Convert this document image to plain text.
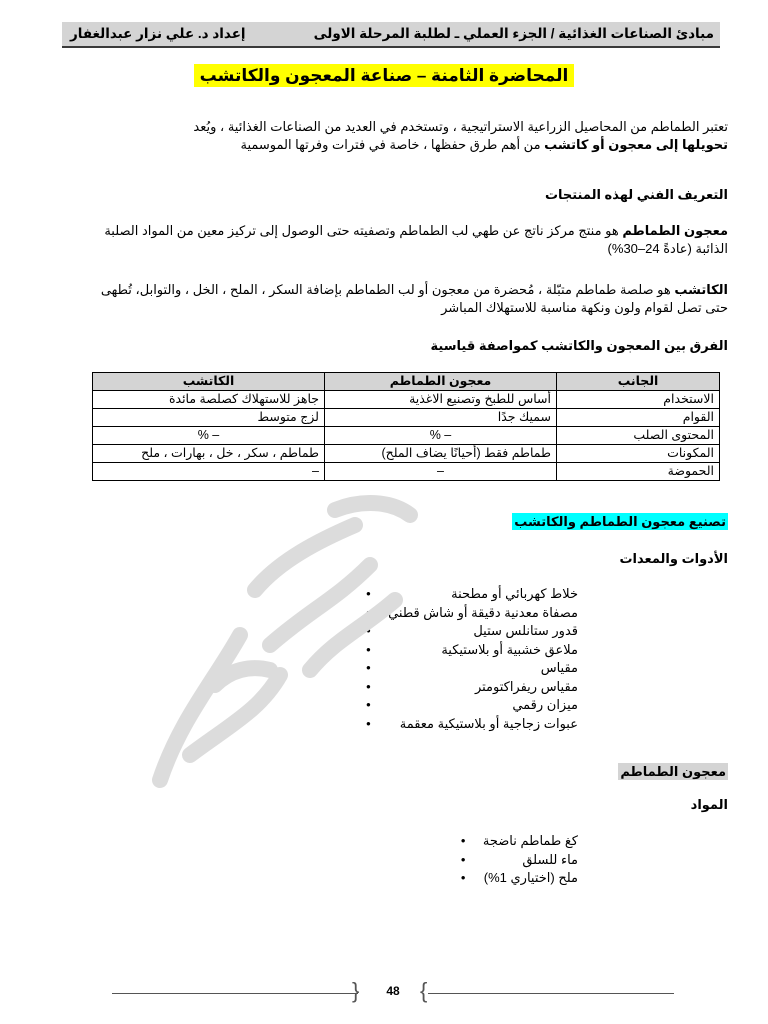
مبادئ الصناعات الغذائية / الجزء العملي ـ لطلبة المرحلة الاولى
إعداد د. علي نزار عبدالغفار
المحاضرة الثامنة – صناعة المعجون والكاتشب
تعتبر الطماطم من المحاصيل الزراعية الاستراتيجية ، وتستخدم في العديد من الصناعات الغذائية ، ويُعد
تحويلها إلى معجون أو كاتشب من أهم طرق حفظها ، خاصة في فترات وفرتها الموسمية
التعريف الفني لهذه المنتجات
معجون الطماطم هو منتج مركز ناتج عن طهي لب الطماطم وتصفيته حتى الوصول إلى تركيز معين من المواد الصلبة الذائبة (عادةً 24–30%)
الكاتشب هو صلصة طماطم متبّلة ، مُحضرة من معجون أو لب الطماطم بإضافة السكر ، الملح ، الخل ، والتوابل، تُطهى حتى تصل لقوام ولون ونكهة مناسبة للاستهلاك المباشر
الفرق بين المعجون والكاتشب كمواصفة قياسية
الجانب	معجون الطماطم	الكاتشب
الاستخدام	أساس للطبخ وتصنيع الاغذية	جاهز للاستهلاك كصلصة مائدة
القوام	سميك جدًا	لزج متوسط
المحتوى الصلب	– %	– %
المكونات	طماطم فقط (أحيانًا يضاف الملح)	طماطم ، سكر ، خل ، بهارات ، ملح
الحموضة	–	–
تصنيع معجون الطماطم والكاتشب
الأدوات والمعدات
خلاط كهربائي أو مطحنة •
مصفاة معدنية دقيقة أو شاش قطني •
قدور ستانلس ستيل •
ملاعق خشبية أو بلاستيكية •
مقياس •
مقياس ريفراكتومتر •
ميزان رقمي •
عبوات زجاجية أو بلاستيكية معقمة •
معجون الطماطم
المواد
كغ طماطم ناضجة •
ماء للسلق •
ملح (اختياري 1%) •
{	}
48
